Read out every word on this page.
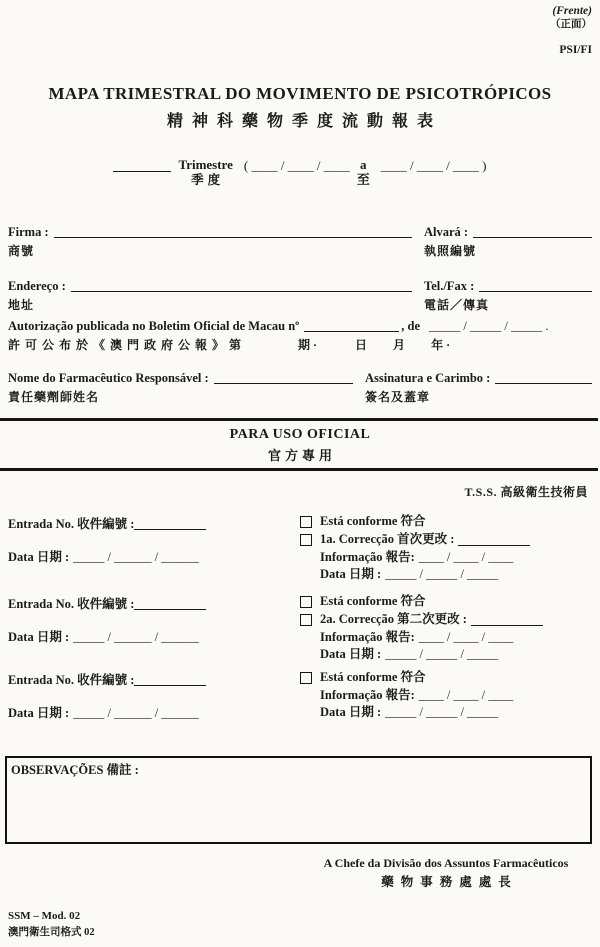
(Frente)
（正面）
PSI/FI
MAPA TRIMESTRAL DO MOVIMENTO DE PSICOTRÓPICOS
精神科藥物季度流動報表
Trimestre
季度
( ____ / ____ / ____ a
至
____ / ____ / ____ )
Firma :
商號
Alvará :
執照編號
Endereço :
地址
Tel./Fax :
電話／傳真
Autorização publicada no Boletim Oficial de Macau nº	, de _____ / _____ / _____ .
許可公布於《澳門政府公報》第	期 ·	日 月 年 ·
Nome do Farmacêutico Responsável :
責任藥劑師姓名
Assinatura e Carimbo :
簽名及蓋章
PARA USO OFICIAL
官方專用
T.S.S. 高級衛生技術員
Entrada No. 收件編號 :
Data 日期 : _____ / ______ / ______
Está conforme 符合
1a. Correcção 首次更改 :
Informação 報告: ____ / ____ / ____
Data 日期 : _____ / _____ / _____
Entrada No. 收件編號 :
Data 日期 : _____ / ______ / ______
Está conforme 符合
2a. Correcção 第二次更改 :
Informação 報告: ____ / ____ / ____
Data 日期 : _____ / _____ / _____
Entrada No. 收件編號 :
Data 日期 : _____ / ______ / ______
Está conforme 符合
Informação 報告: ____ / ____ / ____
Data 日期 : _____ / _____ / _____
OBSERVAÇÕES 備註 :
A Chefe da Divisão dos Assuntos Farmacêuticos
藥物事務處處長
SSM – Mod. 02
澳門衛生司格式 02
